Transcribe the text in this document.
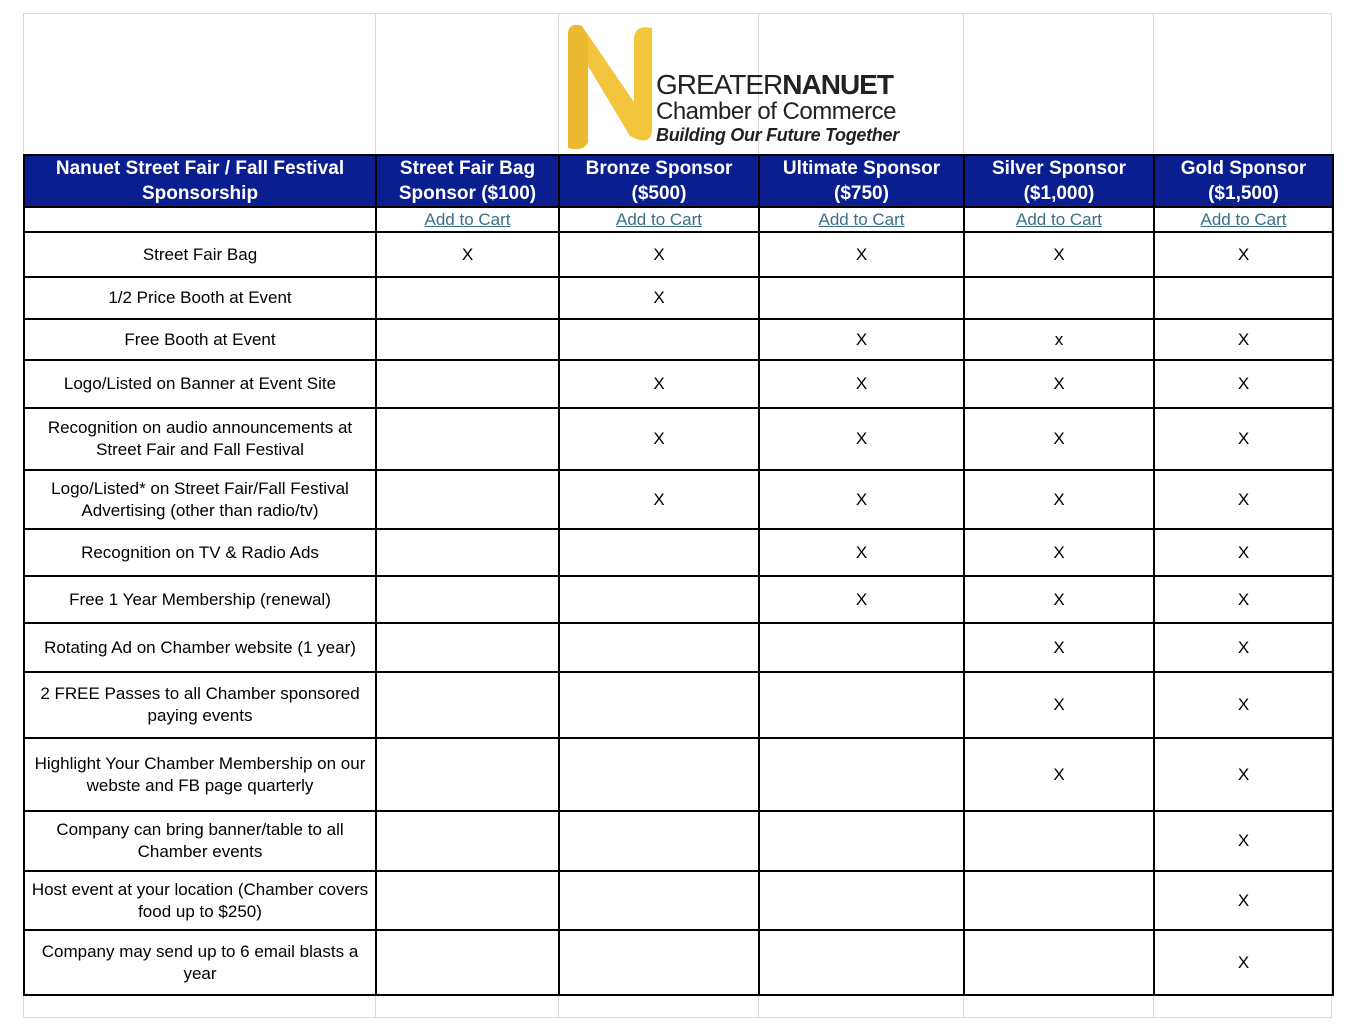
GREATERNANUET
Chamber of Commerce
Building Our Future Together
Nanuet Street Fair / Fall Festival Sponsorship	Street Fair Bag Sponsor ($100)	Bronze Sponsor ($500)	Ultimate Sponsor ($750)	Silver Sponsor ($1,000)	Gold Sponsor ($1,500)
	Add to Cart	Add to Cart	Add to Cart	Add to Cart	Add to Cart
Street Fair Bag	X	X	X	X	X
1/2 Price Booth at Event		X			
Free Booth at Event			X	x	X
Logo/Listed on Banner at Event Site		X	X	X	X
Recognition on audio announcements at Street Fair and Fall Festival		X	X	X	X
Logo/Listed* on Street Fair/Fall Festival Advertising (other than radio/tv)		X	X	X	X
Recognition on TV & Radio Ads			X	X	X
Free 1 Year Membership (renewal)			X	X	X
Rotating Ad on Chamber website (1 year)				X	X
2 FREE Passes to all Chamber sponsored paying events				X	X
Highlight Your Chamber Membership on our webste and FB page quarterly				X	X
Company can bring banner/table to all Chamber events					X
Host event at your location (Chamber covers food up to $250)					X
Company may send up to 6 email blasts a year					X
